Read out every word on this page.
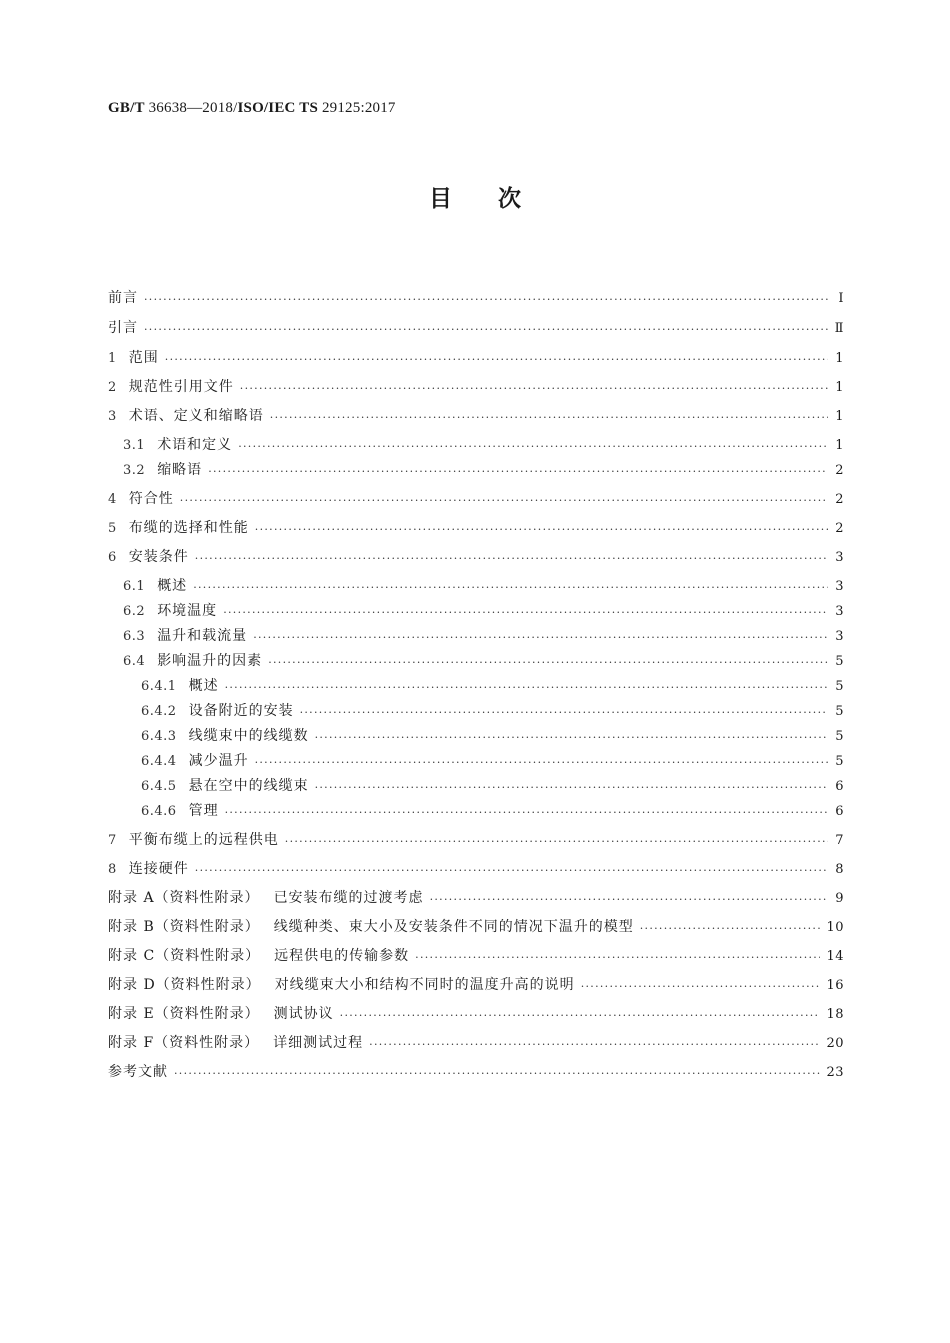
GB/T 36638—2018/ISO/IEC TS 29125:2017
目次
前言 ·····	Ⅰ
引言 ·····	Ⅱ
1 范围 ·····	1
2 规范性引用文件 ·····	1
3 术语、定义和缩略语 ·····	1
3.1 术语和定义 ·····	1
3.2 缩略语 ·····	2
4 符合性 ·····	2
5 布缆的选择和性能 ·····	2
6 安装条件 ·····	3
6.1 概述 ·····	3
6.2 环境温度 ·····	3
6.3 温升和载流量 ·····	3
6.4 影响温升的因素 ·····	5
6.4.1 概述 ·····	5
6.4.2 设备附近的安装 ·····	5
6.4.3 线缆束中的线缆数 ·····	5
6.4.4 减少温升 ·····	5
6.4.5 悬在空中的线缆束 ·····	6
6.4.6 管理 ·····	6
7 平衡布缆上的远程供电 ·····	7
8 连接硬件 ·····	8
附录 A（资料性附录） 已安装布缆的过渡考虑 ·····	9
附录 B（资料性附录） 线缆种类、束大小及安装条件不同的情况下温升的模型 ·····	10
附录 C（资料性附录） 远程供电的传输参数 ·····	14
附录 D（资料性附录） 对线缆束大小和结构不同时的温度升高的说明 ·····	16
附录 E（资料性附录） 测试协议 ·····	18
附录 F（资料性附录） 详细测试过程 ·····	20
参考文献 ·····	23
